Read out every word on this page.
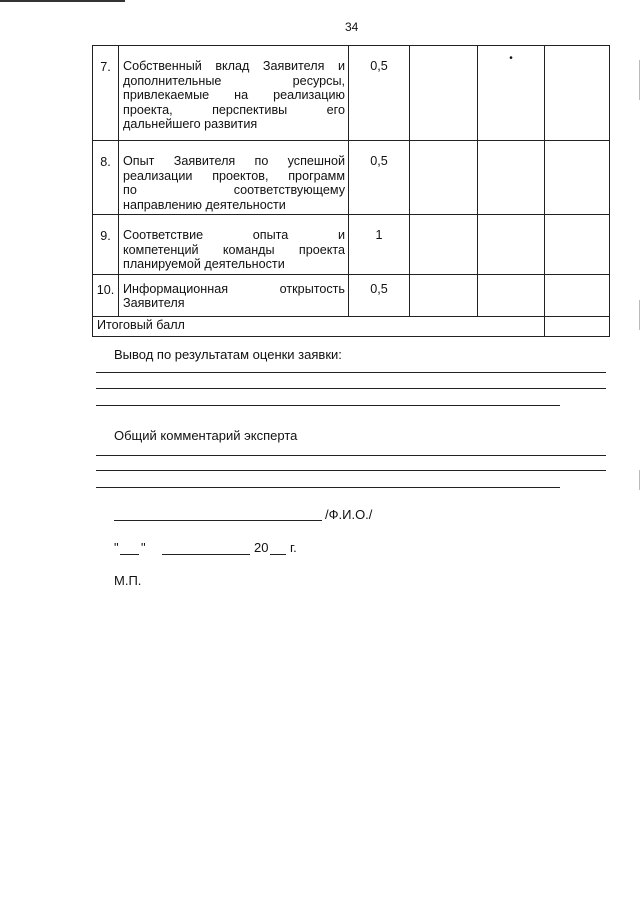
34
7.	Собственный вклад Заявителя и
дополнительные ресурсы,
привлекаемые на реализацию
проекта, перспективы его
дальнейшего развития	0,5		•	

8.	Опыт Заявителя по успешной
реализации проектов, программ
по соответствующему
направлению деятельности	0,5			
9.	Соответствие опыта и
компетенций команды проекта
планируемой деятельности	1			
10.	Информационная открытость
Заявителя	0,5			
Итоговый балл					
Вывод по результатам оценки заявки:
Общий комментарий эксперта
/Ф.И.О./
" "	20 г.
М.П.
